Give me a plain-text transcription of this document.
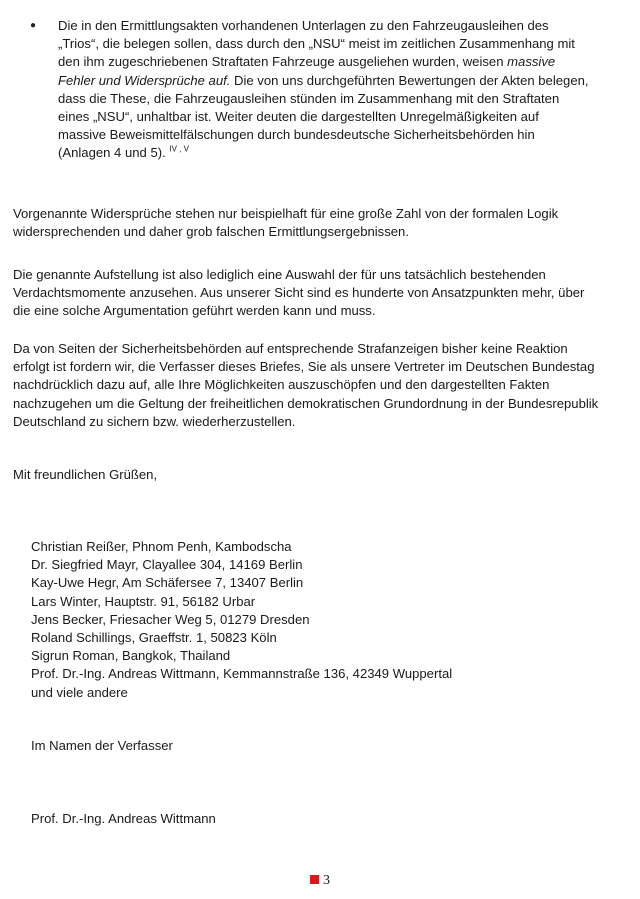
●	Die in den Ermittlungsakten vorhandenen Unterlagen zu den Fahrzeugausleihen des „Trios“, die belegen sollen, dass durch den „NSU“ meist im zeitlichen Zusammenhang mit den ihm zugeschriebenen Straftaten Fahrzeuge ausgeliehen wurden, weisen massive Fehler und Widersprüche auf. Die von uns durchgeführten Bewertungen der Akten belegen, dass die These, die Fahrzeugausleihen stünden im Zusammenhang mit den Straftaten eines „NSU“, unhaltbar ist. Weiter deuten die dargestellten Unregelmäßigkeiten auf massive Beweismittelfälschungen durch bundesdeutsche Sicherheitsbehörden hin (Anlagen 4 und 5). $^{IV , V}$

Vorgenannte Widersprüche stehen nur beispielhaft für eine große Zahl von der formalen Logik widersprechenden und daher grob falschen Ermittlungsergebnissen.

Die genannte Aufstellung ist also lediglich eine Auswahl der für uns tatsächlich bestehenden Verdachtsmomente anzusehen. Aus unserer Sicht sind es hunderte von Ansatzpunkten mehr, über die eine solche Argumentation geführt werden kann und muss.

Da von Seiten der Sicherheitsbehörden auf entsprechende Strafanzeigen bisher keine Reaktion erfolgt ist fordern wir, die Verfasser dieses Briefes, Sie als unsere Vertreter im Deutschen Bundestag nachdrücklich dazu auf, alle Ihre Möglichkeiten auszuschöpfen und den dargestellten Fakten nachzugehen um die Geltung der freiheitlichen demokratischen Grundordnung in der Bundesrepublik Deutschland zu sichern bzw. wiederherzustellen.

Mit freundlichen Grüßen,

Christian Reißer, Phnom Penh, Kambodscha
Dr. Siegfried Mayr, Clayallee 304, 14169 Berlin
Kay-Uwe Hegr, Am Schäfersee 7, 13407 Berlin
Lars Winter, Hauptstr. 91, 56182 Urbar
Jens Becker, Friesacher Weg 5, 01279 Dresden
Roland Schillings, Graeffstr. 1, 50823 Köln
Sigrun Roman, Bangkok, Thailand
Prof. Dr.-Ing. Andreas Wittmann, Kemmannstraße 136, 42349 Wuppertal
und viele andere

Im Namen der Verfasser

Prof. Dr.-Ing. Andreas Wittmann

3
